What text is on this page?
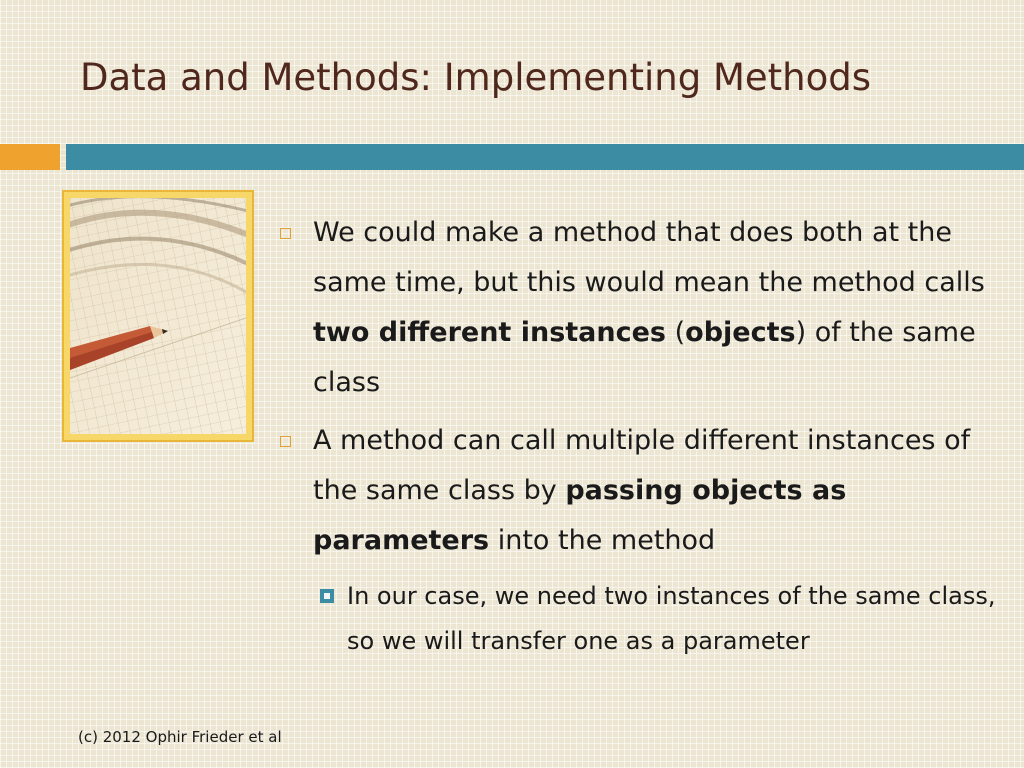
Data and Methods: Implementing Methods
We could make a method that does both at the same time, but this would mean the method calls two different instances (objects) of the same class
A method can call multiple different instances of the same class by passing objects as parameters into the method
In our case, we need two instances of the same class, so we will transfer one as a parameter
(c) 2012 Ophir Frieder et al
